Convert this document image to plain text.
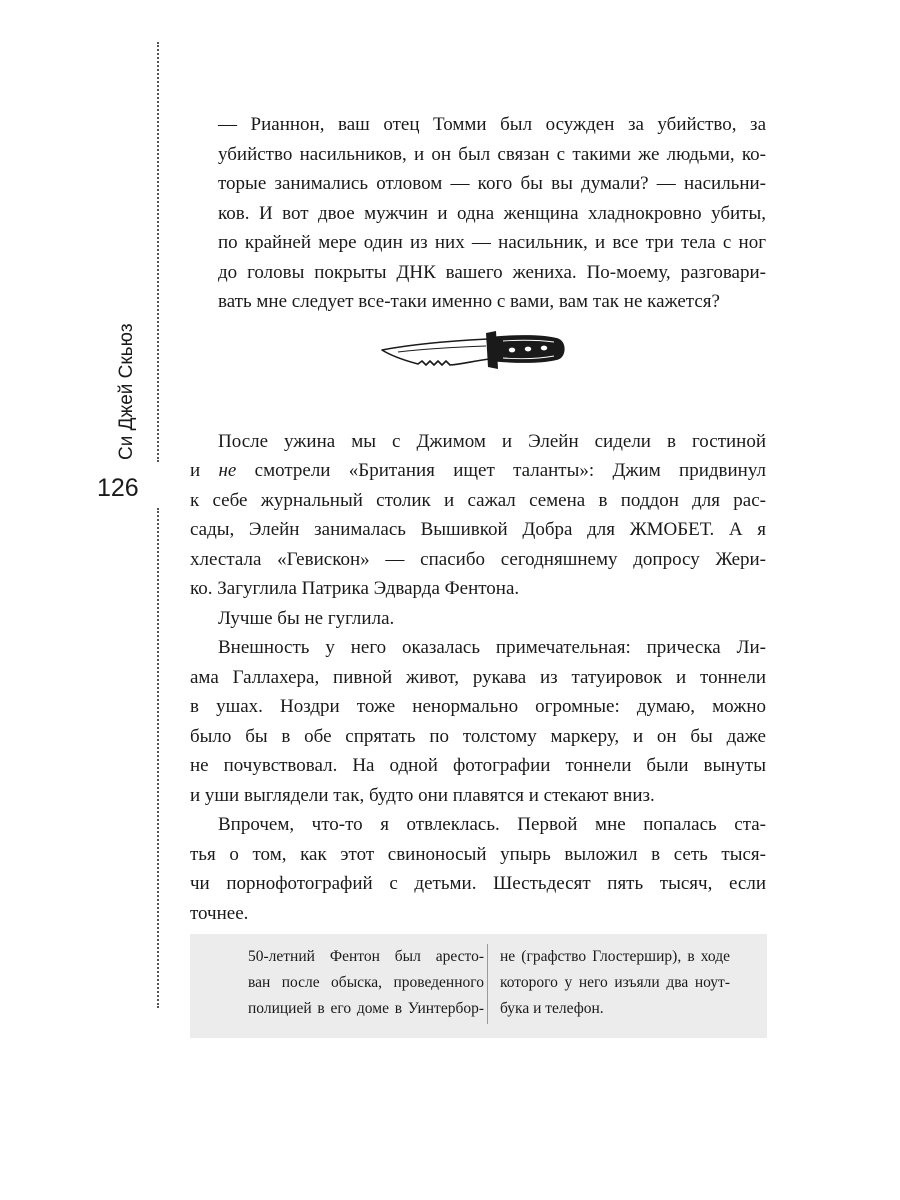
Си Джей Скьюз
126

— Рианнон, ваш отец Томми был осужден за убийство, за
убийство насильников, и он был связан с такими же людьми, ко-
торые занимались отловом — кого бы вы думали? — насильни-
ков. И вот двое мужчин и одна женщина хладнокровно убиты,
по крайней мере один из них — насильник, и все три тела с ног
до головы покрыты ДНК вашего жениха. По-моему, разговари-
вать мне следует все-таки именно с вами, вам так не кажется?

После ужина мы с Джимом и Элейн сидели в гостиной
и не смотрели «Британия ищет таланты»: Джим придвинул
к себе журнальный столик и сажал семена в поддон для рас-
сады, Элейн занималась Вышивкой Добра для ЖМОБЕТ. А я
хлестала «Гевискон» — спасибо сегодняшнему допросу Жери-
ко. Загуглила Патрика Эдварда Фентона.

Лучше бы не гуглила.

Внешность у него оказалась примечательная: прическа Ли-
ама Галлахера, пивной живот, рукава из татуировок и тоннели
в ушах. Ноздри тоже ненормально огромные: думаю, можно
было бы в обе спрятать по толстому маркеру, и он бы даже
не почувствовал. На одной фотографии тоннели были вынуты
и уши выглядели так, будто они плавятся и стекают вниз.

Впрочем, что-то я отвлеклась. Первой мне попалась ста-
тья о том, как этот свиноносый упырь выложил в сеть тыся-
чи порнофотографий с детьми. Шестьдесят пять тысяч, если
точнее.

50-летний Фентон был аресто-
ван после обыска, проведенного
полицией в его доме в Уинтербор-
не (графство Глостершир), в ходе
которого у него изъяли два ноут-
бука и телефон.
